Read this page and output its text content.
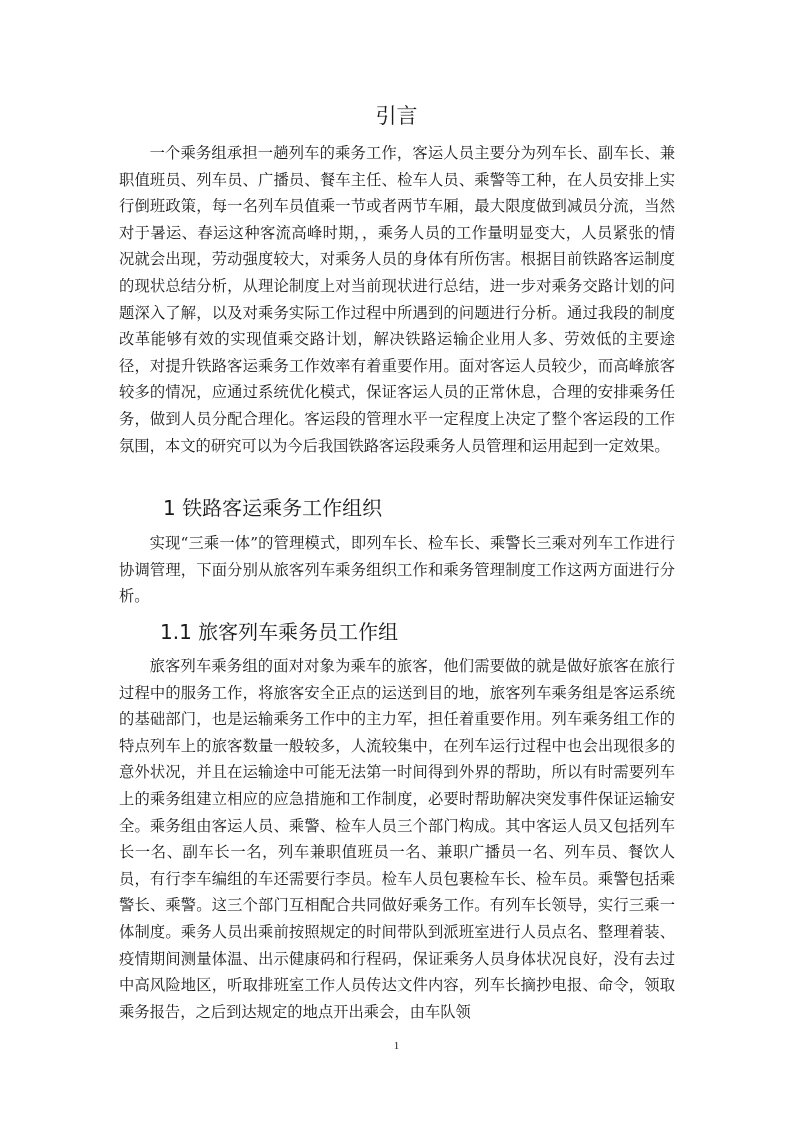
引言

一个乘务组承担一趟列车的乘务工作，客运人员主要分为列车长、副车长、兼职值班员、列车员、广播员、餐车主任、检车人员、乘警等工种，在人员安排上实行倒班政策，每一名列车员值乘一节或者两节车厢，最大限度做到减员分流，当然对于暑运、春运这种客流高峰时期，，乘务人员的工作量明显变大，人员紧张的情况就会出现，劳动强度较大，对乘务人员的身体有所伤害。根据目前铁路客运制度的现状总结分析，从理论制度上对当前现状进行总结，进一步对乘务交路计划的问题深入了解，以及对乘务实际工作过程中所遇到的问题进行分析。通过我段的制度改革能够有效的实现值乘交路计划，解决铁路运输企业用人多、劳效低的主要途径，对提升铁路客运乘务工作效率有着重要作用。面对客运人员较少，而高峰旅客较多的情况，应通过系统优化模式，保证客运人员的正常休息，合理的安排乘务任务，做到人员分配合理化。客运段的管理水平一定程度上决定了整个客运段的工作氛围，本文的研究可以为今后我国铁路客运段乘务人员管理和运用起到一定效果。

1 铁路客运乘务工作组织

实现“三乘一体”的管理模式，即列车长、检车长、乘警长三乘对列车工作进行协调管理，下面分别从旅客列车乘务组织工作和乘务管理制度工作这两方面进行分析。

1.1 旅客列车乘务员工作组

旅客列车乘务组的面对对象为乘车的旅客，他们需要做的就是做好旅客在旅行过程中的服务工作，将旅客安全正点的运送到目的地，旅客列车乘务组是客运系统的基础部门，也是运输乘务工作中的主力军，担任着重要作用。列车乘务组工作的特点列车上的旅客数量一般较多，人流较集中，在列车运行过程中也会出现很多的意外状况，并且在运输途中可能无法第一时间得到外界的帮助，所以有时需要列车上的乘务组建立相应的应急措施和工作制度，必要时帮助解决突发事件保证运输安全。乘务组由客运人员、乘警、检车人员三个部门构成。其中客运人员又包括列车长一名、副车长一名，列车兼职值班员一名、兼职广播员一名、列车员、餐饮人员，有行李车编组的车还需要行李员。检车人员包裹检车长、检车员。乘警包括乘警长、乘警。这三个部门互相配合共同做好乘务工作。有列车长领导，实行三乘一体制度。乘务人员出乘前按照规定的时间带队到派班室进行人员点名、整理着装、疫情期间测量体温、出示健康码和行程码，保证乘务人员身体状况良好，没有去过中高风险地区，听取排班室工作人员传达文件内容，列车长摘抄电报、命令，领取乘务报告，之后到达规定的地点开出乘会，由车队领

1
